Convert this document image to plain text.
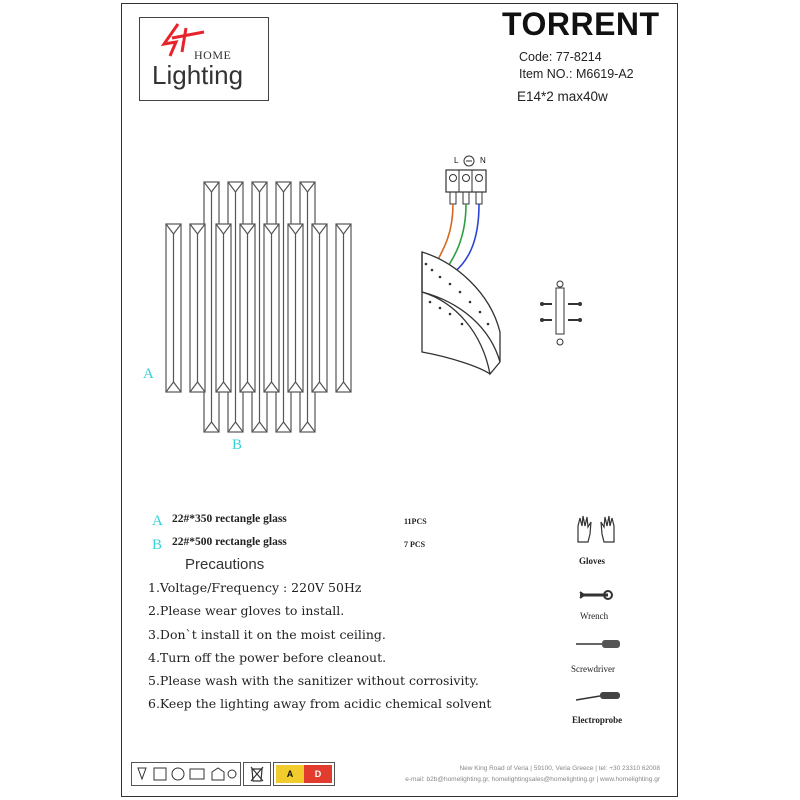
HOME
Lighting
TORRENT
Code: 77-8214
Item NO.: M6619-A2
E14*2 max40w
A
B
L	N
A 22#*350 rectangle glass	11PCS
B 22#*500 rectangle glass	7 PCS
Precautions
1.Voltage/Frequency : 220V 50Hz
2.Please wear gloves to install.
3.Don`t install it on the moist ceiling.
4.Turn off the power before cleanout.
5.Please wash with the sanitizer without corrosivity.
6.Keep the lighting away from acidic chemical solvent
Gloves
Wrench
Screwdriver
Electroprobe
A	D
New King Road of Veria | 59100, Veria Greece | tel: +30 23310 62008
e-mail: b2b@homelighting.gr, homelightingsales@homelighting.gr | www.homelighting.gr
